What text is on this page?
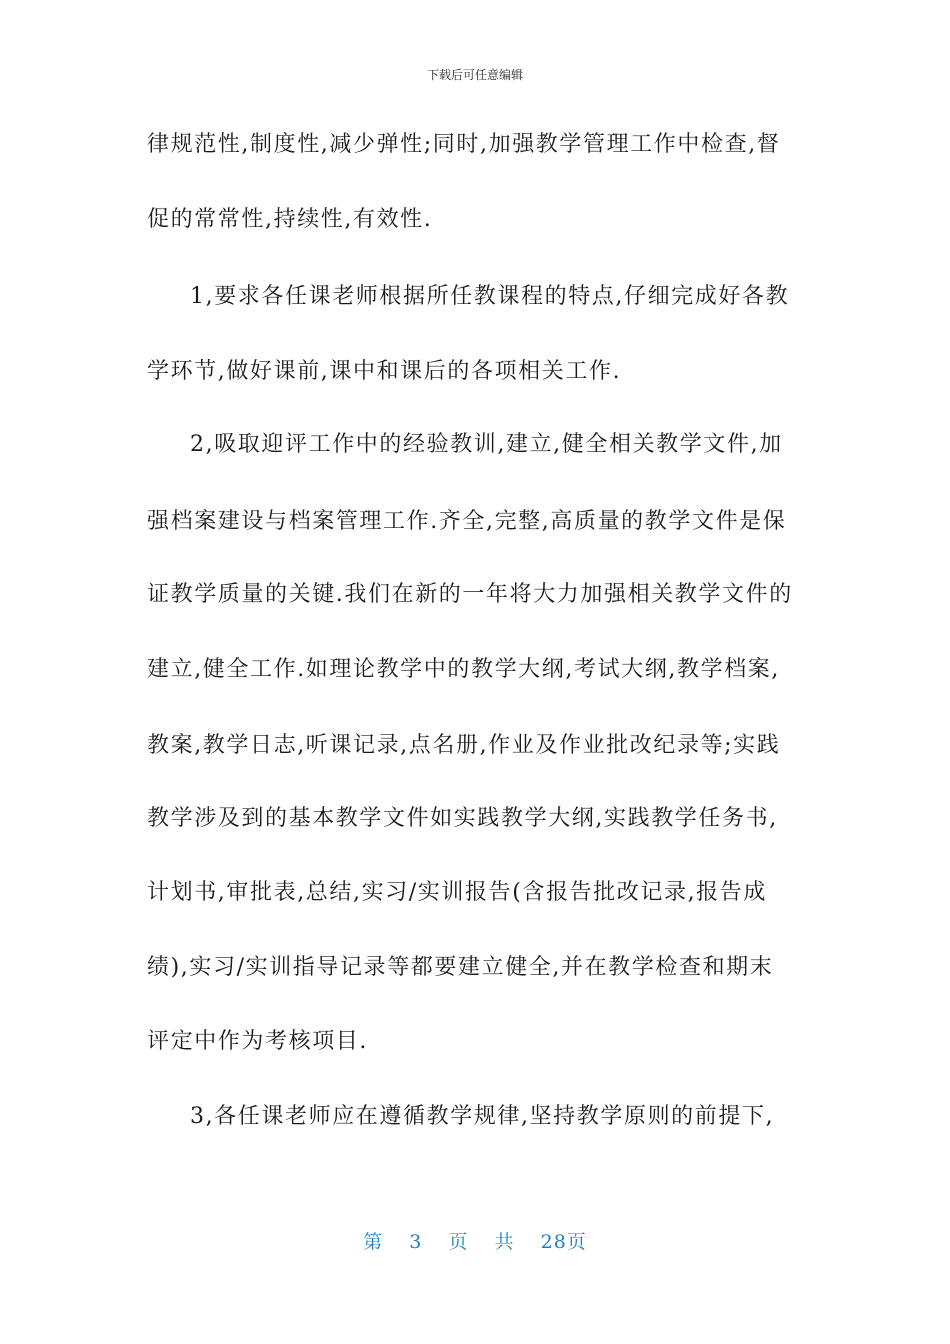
下载后可任意编辑
律规范性,制度性,减少弹性;同时,加强教学管理工作中检查,督
促的常常性,持续性,有效性.
1,要求各任课老师根据所任教课程的特点,仔细完成好各教
学环节,做好课前,课中和课后的各项相关工作.
2,吸取迎评工作中的经验教训,建立,健全相关教学文件,加
强档案建设与档案管理工作.齐全,完整,高质量的教学文件是保
证教学质量的关键.我们在新的一年将大力加强相关教学文件的
建立,健全工作.如理论教学中的教学大纲,考试大纲,教学档案,
教案,教学日志,听课记录,点名册,作业及作业批改纪录等;实践
教学涉及到的基本教学文件如实践教学大纲,实践教学任务书,
计划书,审批表,总结,实习/实训报告(含报告批改记录,报告成
绩),实习/实训指导记录等都要建立健全,并在教学检查和期末
评定中作为考核项目.
3,各任课老师应在遵循教学规律,坚持教学原则的前提下,
第 3 页 共 28页
